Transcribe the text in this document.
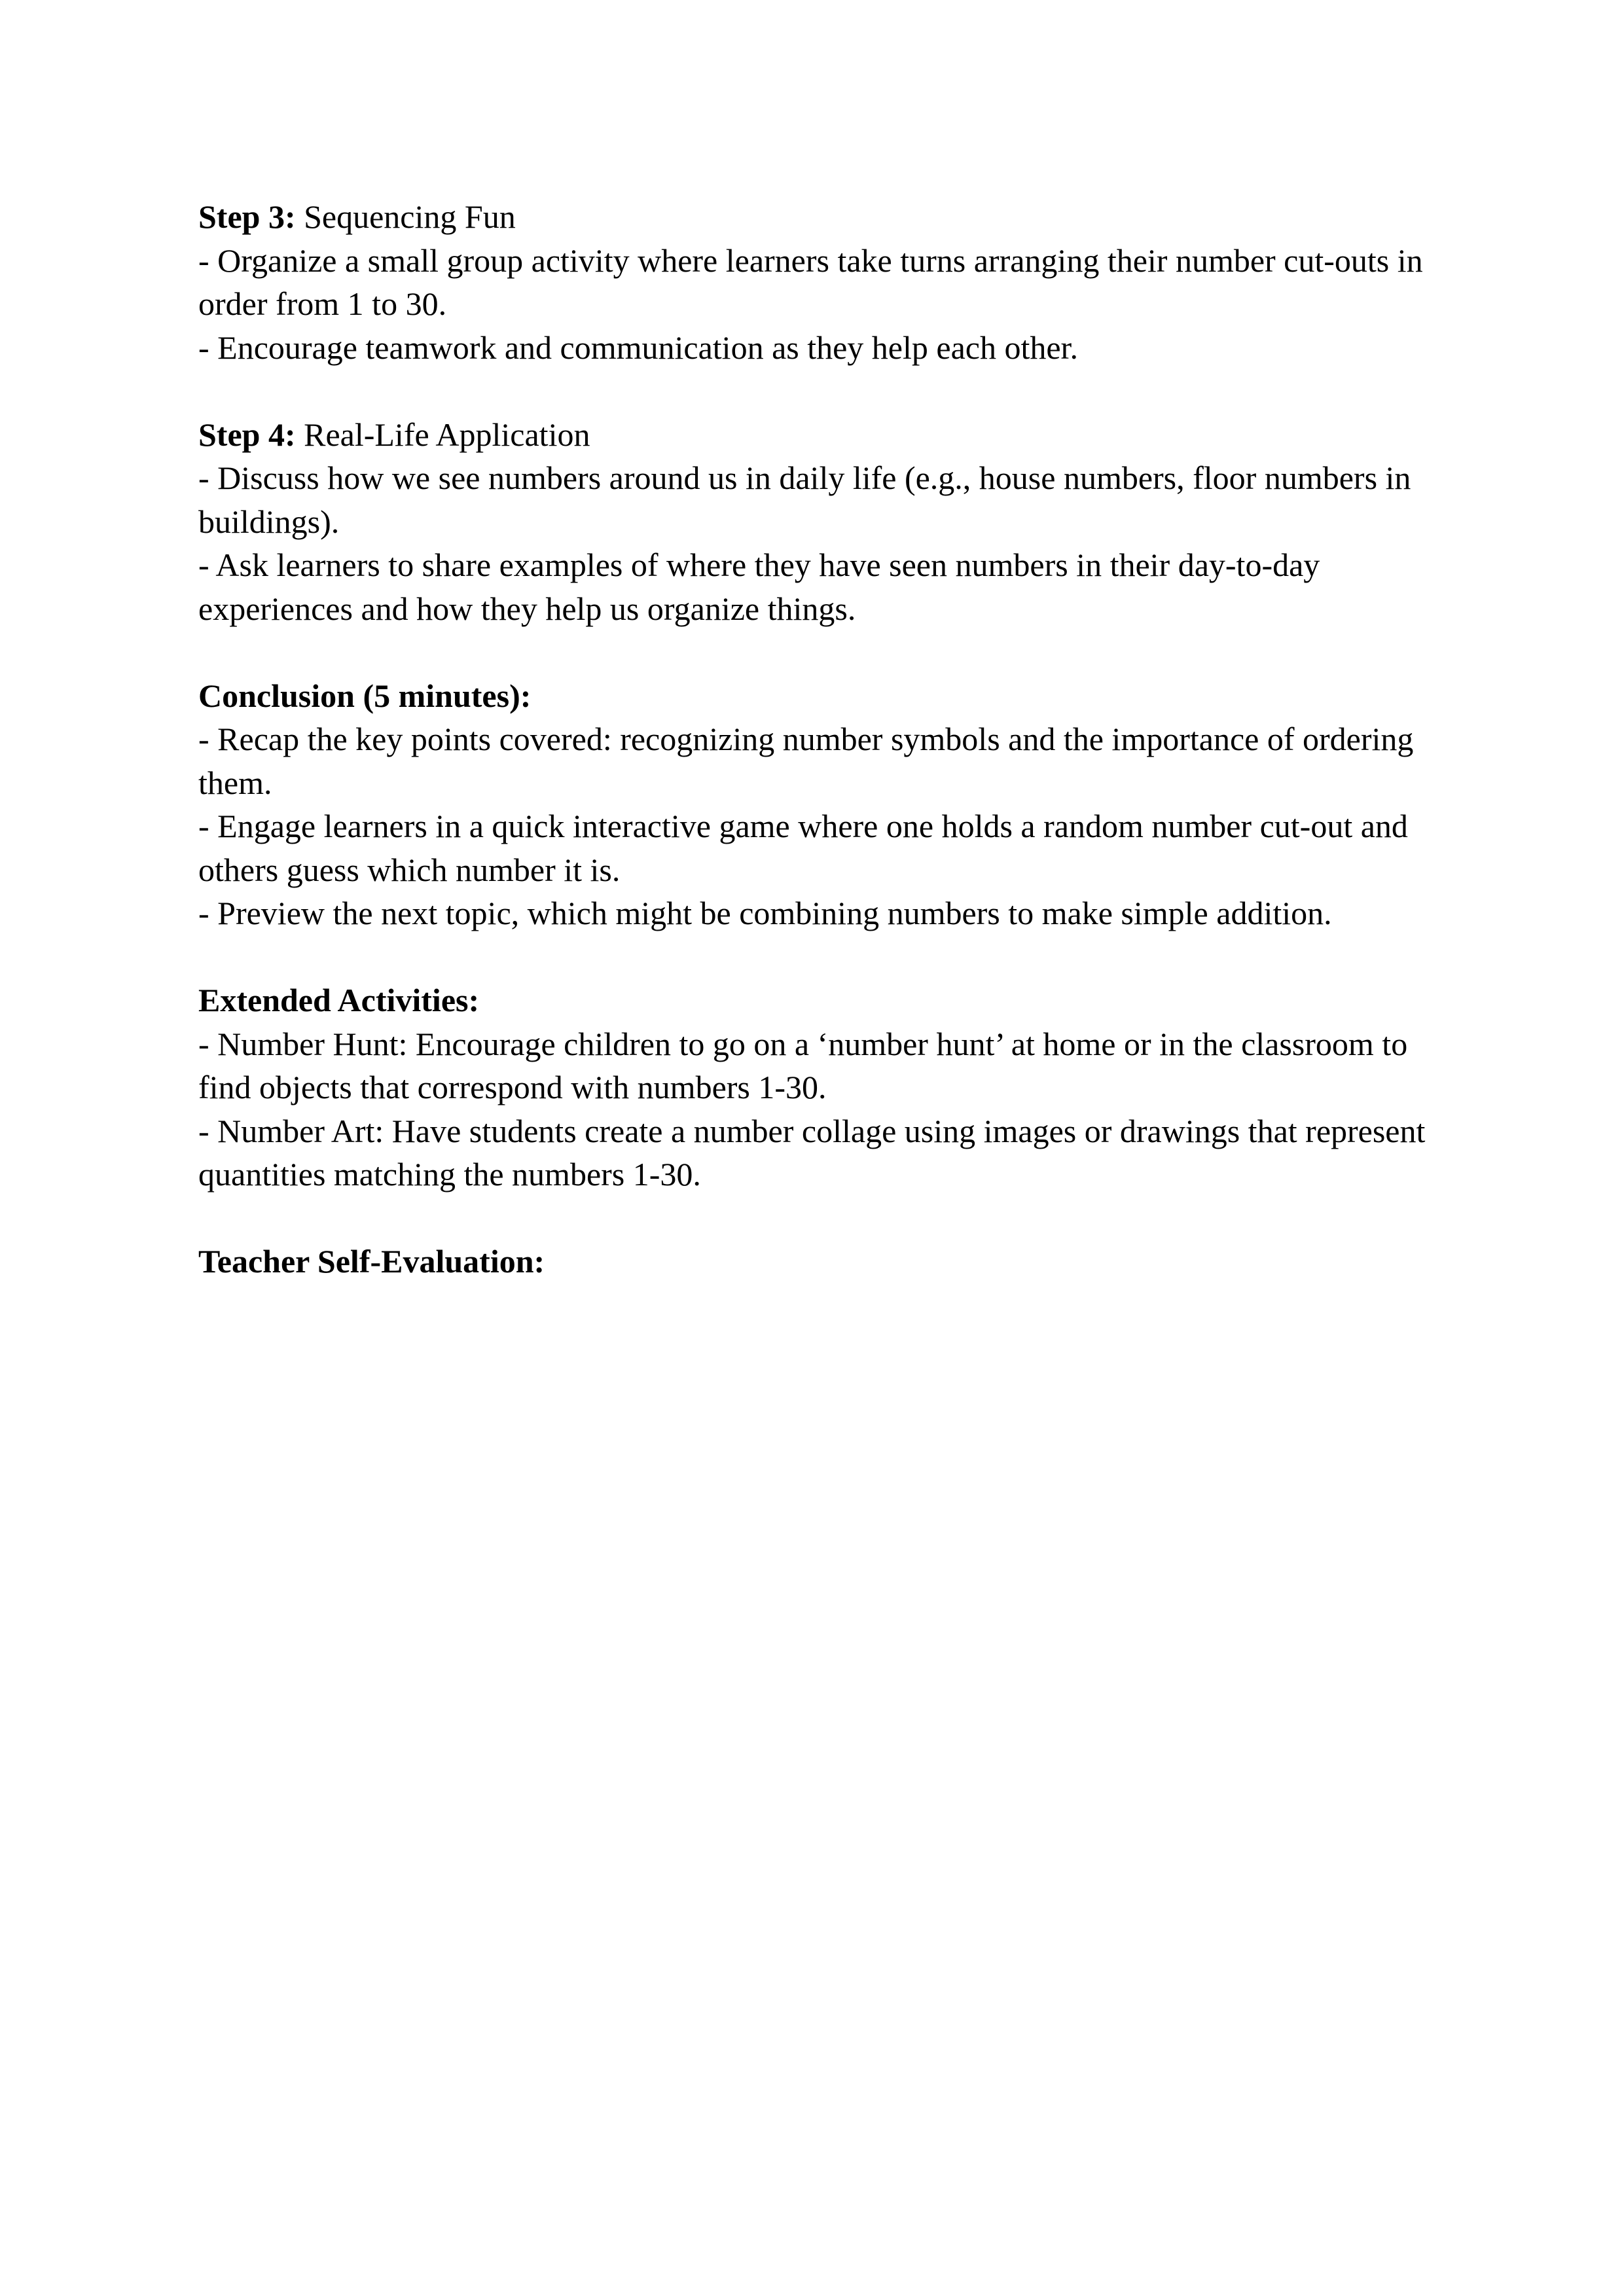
Step 3: Sequencing Fun
- Organize a small group activity where learners take turns arranging their number cut-outs in
order from 1 to 30.
- Encourage teamwork and communication as they help each other.
Step 4: Real-Life Application
- Discuss how we see numbers around us in daily life (e.g., house numbers, floor numbers in
buildings).
- Ask learners to share examples of where they have seen numbers in their day-to-day
experiences and how they help us organize things.
Conclusion (5 minutes):
- Recap the key points covered: recognizing number symbols and the importance of ordering
them.
- Engage learners in a quick interactive game where one holds a random number cut-out and
others guess which number it is.
- Preview the next topic, which might be combining numbers to make simple addition.
Extended Activities:
- Number Hunt: Encourage children to go on a ‘number hunt’ at home or in the classroom to
find objects that correspond with numbers 1-30.
- Number Art: Have students create a number collage using images or drawings that represent
quantities matching the numbers 1-30.
Teacher Self-Evaluation:
